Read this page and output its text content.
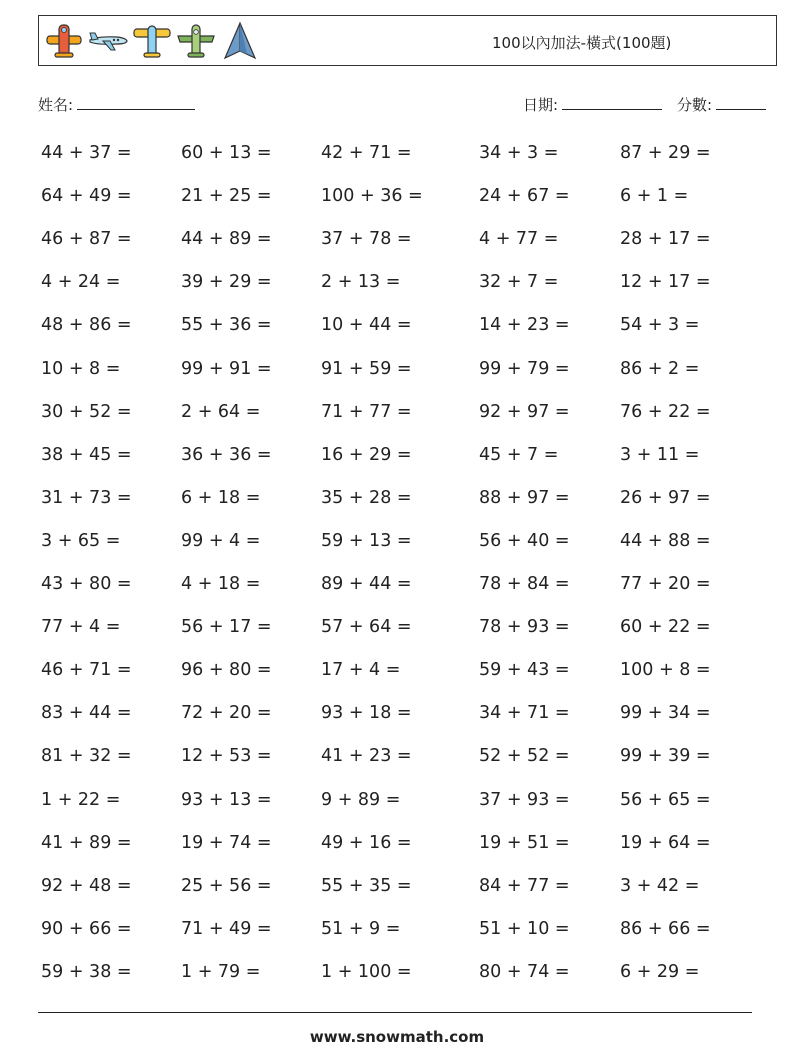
100以內加法-橫式(100題)
姓名:	日期:	分數:
44 + 37 =	60 + 13 =	42 + 71 =	34 + 3 =	87 + 29 =
64 + 49 =	21 + 25 =	100 + 36 =	24 + 67 =	6 + 1 =
46 + 87 =	44 + 89 =	37 + 78 =	4 + 77 =	28 + 17 =
4 + 24 =	39 + 29 =	2 + 13 =	32 + 7 =	12 + 17 =
48 + 86 =	55 + 36 =	10 + 44 =	14 + 23 =	54 + 3 =
10 + 8 =	99 + 91 =	91 + 59 =	99 + 79 =	86 + 2 =
30 + 52 =	2 + 64 =	71 + 77 =	92 + 97 =	76 + 22 =
38 + 45 =	36 + 36 =	16 + 29 =	45 + 7 =	3 + 11 =
31 + 73 =	6 + 18 =	35 + 28 =	88 + 97 =	26 + 97 =
3 + 65 =	99 + 4 =	59 + 13 =	56 + 40 =	44 + 88 =
43 + 80 =	4 + 18 =	89 + 44 =	78 + 84 =	77 + 20 =
77 + 4 =	56 + 17 =	57 + 64 =	78 + 93 =	60 + 22 =
46 + 71 =	96 + 80 =	17 + 4 =	59 + 43 =	100 + 8 =
83 + 44 =	72 + 20 =	93 + 18 =	34 + 71 =	99 + 34 =
81 + 32 =	12 + 53 =	41 + 23 =	52 + 52 =	99 + 39 =
1 + 22 =	93 + 13 =	9 + 89 =	37 + 93 =	56 + 65 =
41 + 89 =	19 + 74 =	49 + 16 =	19 + 51 =	19 + 64 =
92 + 48 =	25 + 56 =	55 + 35 =	84 + 77 =	3 + 42 =
90 + 66 =	71 + 49 =	51 + 9 =	51 + 10 =	86 + 66 =
59 + 38 =	1 + 79 =	1 + 100 =	80 + 74 =	6 + 29 =
www.snowmath.com
